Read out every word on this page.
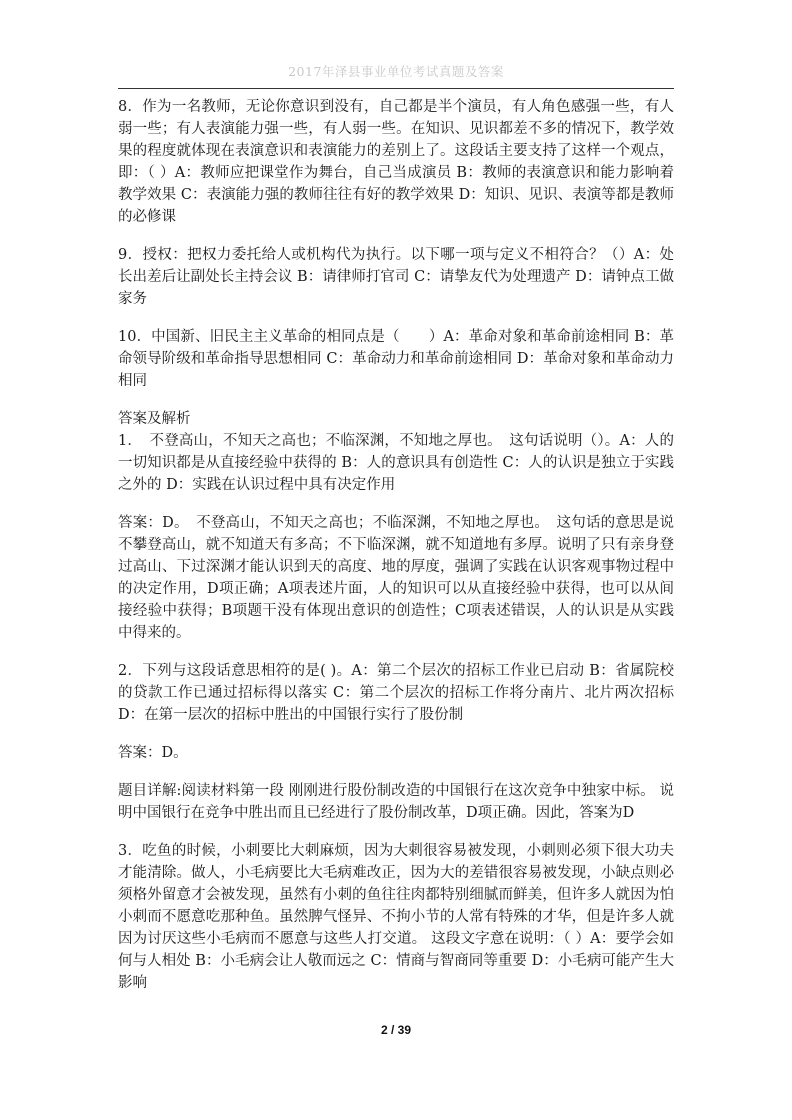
2017年泽县事业单位考试真题及答案

8．作为一名教师，无论你意识到没有，自己都是半个演员，有人角色感强一些，有人弱一些；有人表演能力强一些，有人弱一些。在知识、见识都差不多的情况下，教学效果的程度就体现在表演意识和表演能力的差别上了。这段话主要支持了这样一个观点，即：（ ）A：教师应把课堂作为舞台，自己当成演员 B：教师的表演意识和能力影响着教学效果 C：表演能力强的教师往往有好的教学效果 D：知识、见识、表演等都是教师的必修课

9．授权：把权力委托给人或机构代为执行。以下哪一项与定义不相符合？（）A：处长出差后让副处长主持会议 B：请律师打官司 C：请挚友代为处理遗产 D：请钟点工做家务

10．中国新、旧民主主义革命的相同点是（　　）A：革命对象和革命前途相同 B：革命领导阶级和革命指导思想相同 C：革命动力和革命前途相同 D：革命对象和革命动力相同

答案及解析

1．　不登高山，不知天之高也；不临深渊，不知地之厚也。　这句话说明（）。A：人的一切知识都是从直接经验中获得的 B：人的意识具有创造性 C：人的认识是独立于实践之外的 D：实践在认识过程中具有决定作用

答案：D。　不登高山，不知天之高也；不临深渊，不知地之厚也。　这句话的意思是说不攀登高山，就不知道天有多高；不下临深渊，就不知道地有多厚。说明了只有亲身登过高山、下过深渊才能认识到天的高度、地的厚度，强调了实践在认识客观事物过程中的决定作用，D项正确；A项表述片面，人的知识可以从直接经验中获得，也可以从间接经验中获得；B项题干没有体现出意识的创造性；C项表述错误，人的认识是从实践中得来的。

2．下列与这段话意思相符的是( )。A：第二个层次的招标工作业已启动 B：省属院校的贷款工作已通过招标得以落实 C：第二个层次的招标工作将分南片、北片两次招标 D：在第一层次的招标中胜出的中国银行实行了股份制

答案：D。

题目详解:阅读材料第一段 刚刚进行股份制改造的中国银行在这次竞争中独家中标。 说明中国银行在竞争中胜出而且已经进行了股份制改革，D项正确。因此，答案为D

3．吃鱼的时候，小刺要比大刺麻烦，因为大刺很容易被发现，小刺则必须下很大功夫才能清除。做人，小毛病要比大毛病难改正，因为大的差错很容易被发现，小缺点则必须格外留意才会被发现，虽然有小刺的鱼往往肉都特别细腻而鲜美，但许多人就因为怕小刺而不愿意吃那种鱼。虽然脾气怪异、不拘小节的人常有特殊的才华，但是许多人就因为讨厌这些小毛病而不愿意与这些人打交道。 这段文字意在说明：（ ）A：要学会如何与人相处 B：小毛病会让人敬而远之 C：情商与智商同等重要 D：小毛病可能产生大影响

2 / 39
